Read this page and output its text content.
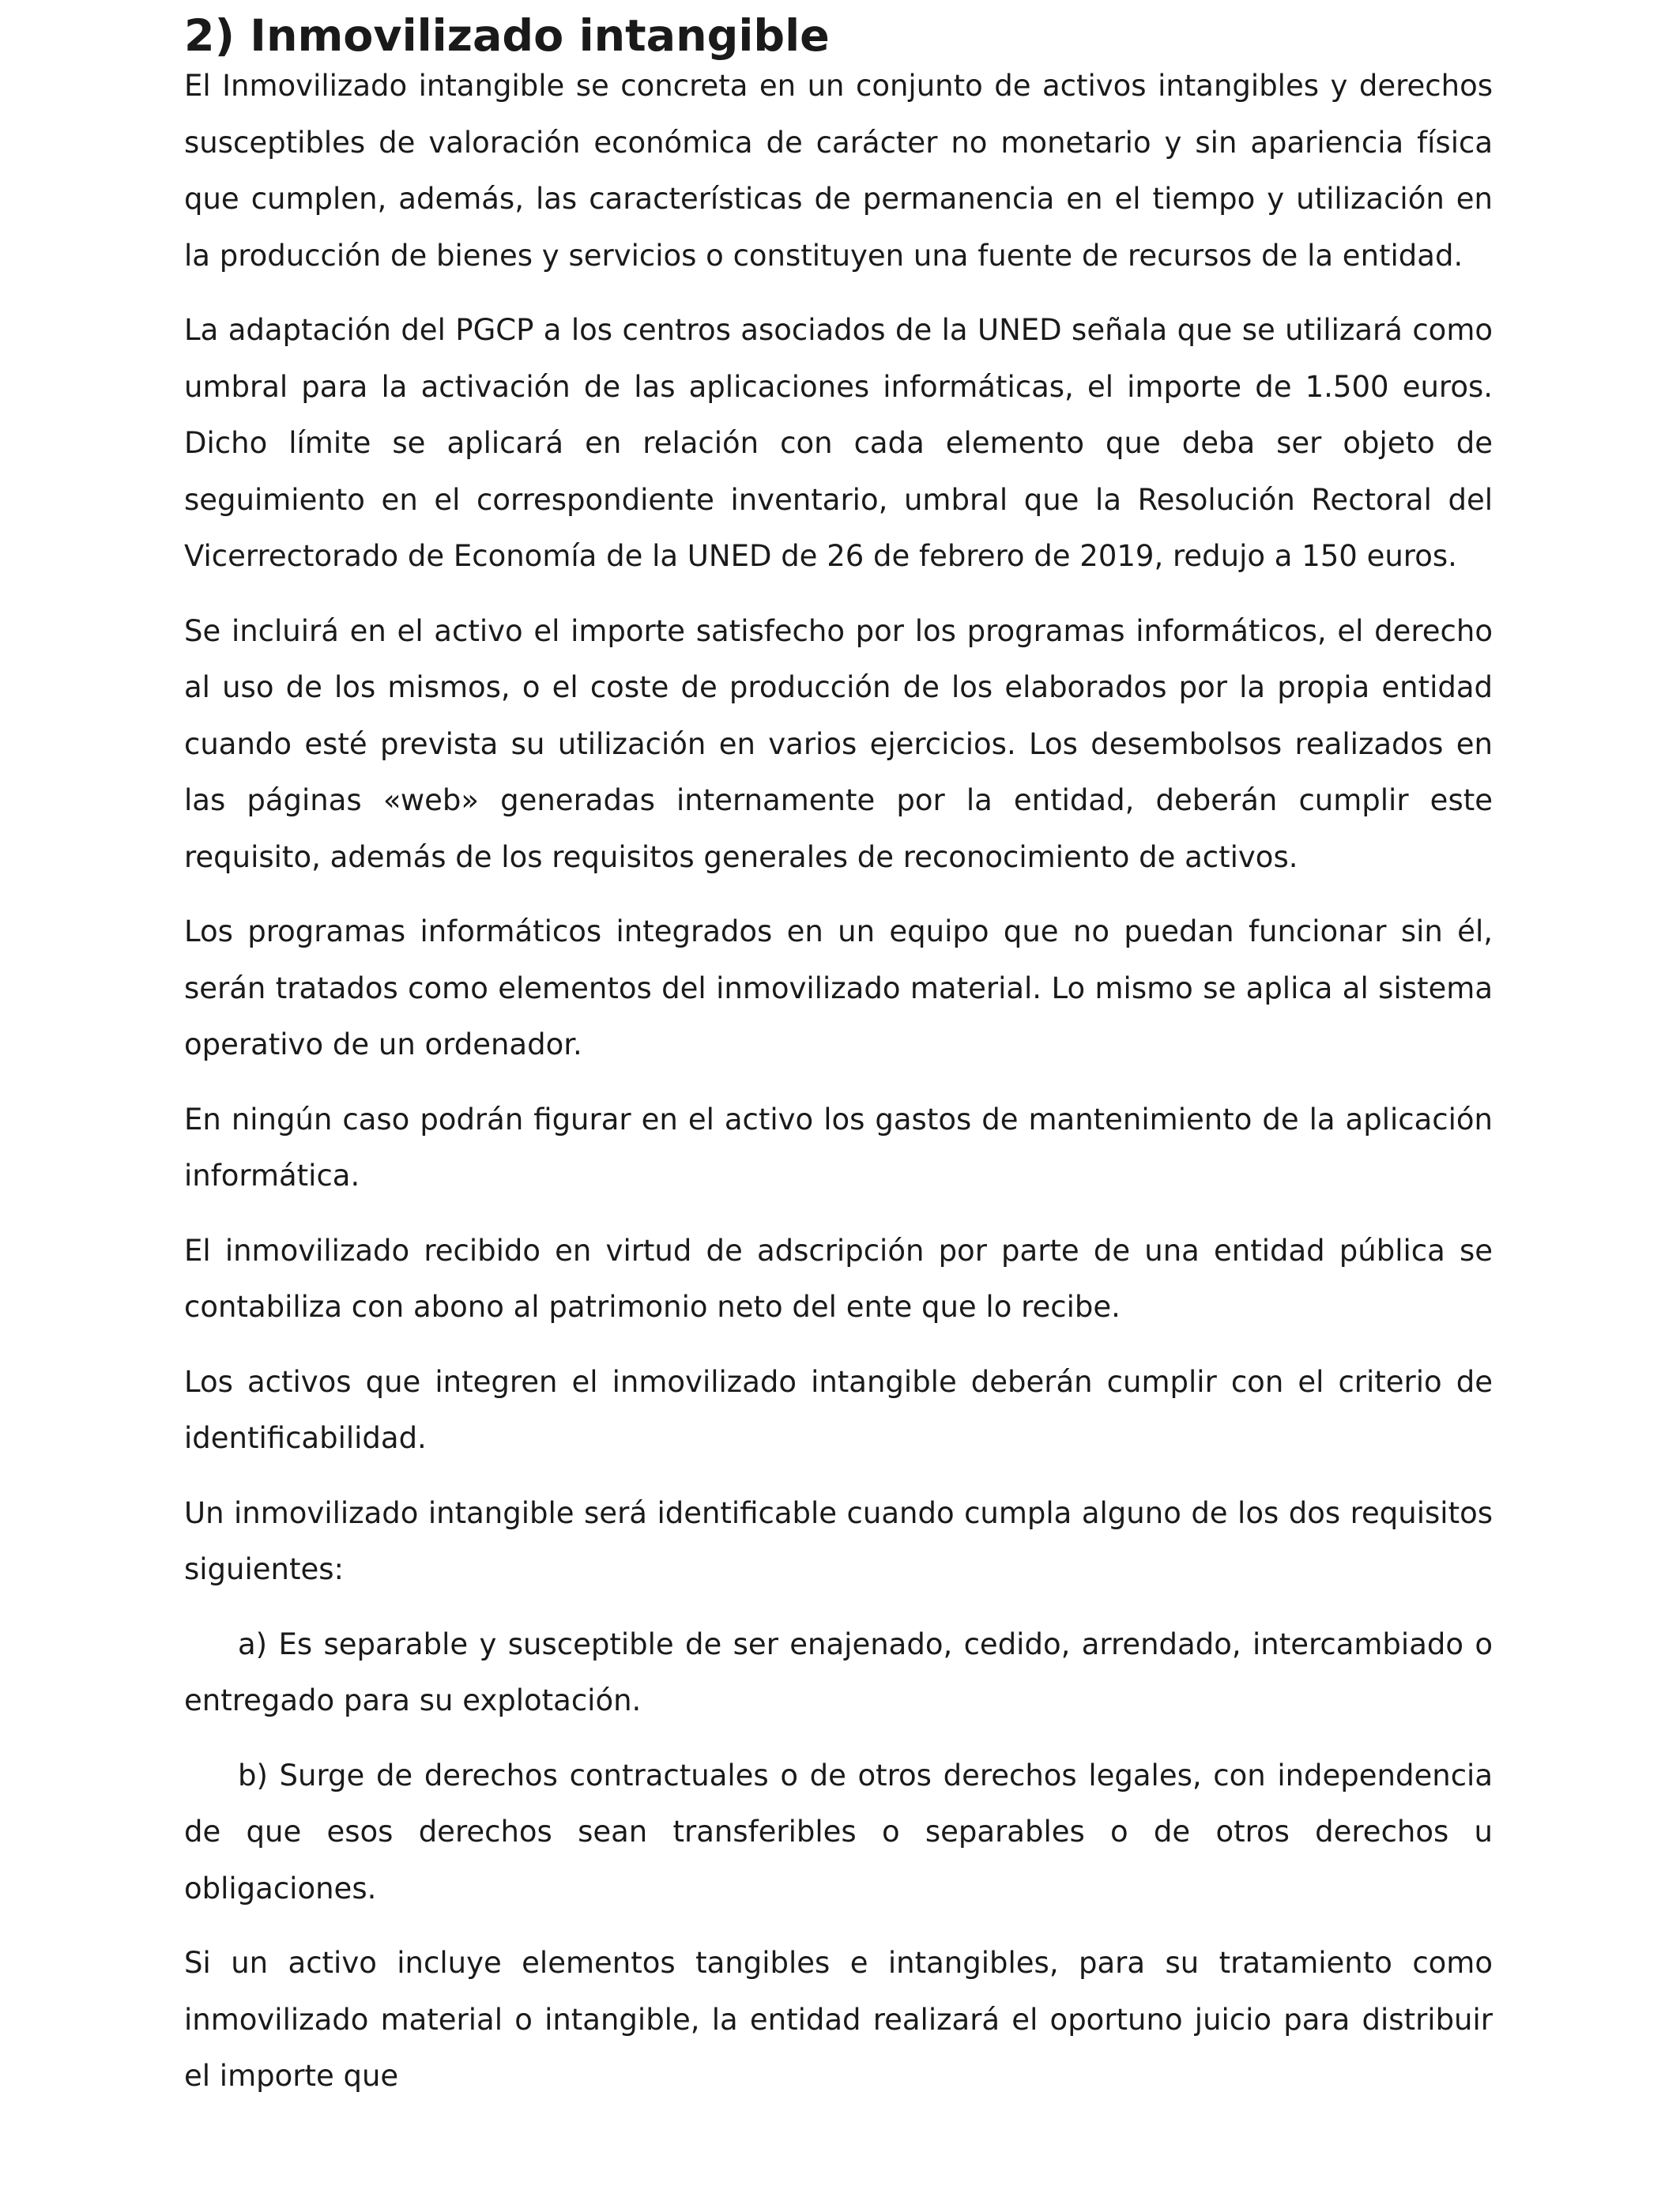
2) Inmovilizado intangible

El Inmovilizado intangible se concreta en un conjunto de activos intangibles y derechos susceptibles de valoración económica de carácter no monetario y sin apariencia física que cumplen, además, las características de permanencia en el tiempo y utilización en la producción de bienes y servicios o constituyen una fuente de recursos de la entidad.

La adaptación del PGCP a los centros asociados de la UNED señala que se utilizará como umbral para la activación de las aplicaciones informáticas, el importe de 1.500 euros. Dicho límite se aplicará en relación con cada elemento que deba ser objeto de seguimiento en el correspondiente inventario, umbral que la Resolución Rectoral del Vicerrectorado de Economía de la UNED de 26 de febrero de 2019, redujo a 150 euros.

Se incluirá en el activo el importe satisfecho por los programas informáticos, el derecho al uso de los mismos, o el coste de producción de los elaborados por la propia entidad cuando esté prevista su utilización en varios ejercicios. Los desembolsos realizados en las páginas «web» generadas internamente por la entidad, deberán cumplir este requisito, además de los requisitos generales de reconocimiento de activos.

Los programas informáticos integrados en un equipo que no puedan funcionar sin él, serán tratados como elementos del inmovilizado material. Lo mismo se aplica al sistema operativo de un ordenador.

En ningún caso podrán figurar en el activo los gastos de mantenimiento de la aplicación informática.

El inmovilizado recibido en virtud de adscripción por parte de una entidad pública se contabiliza con abono al patrimonio neto del ente que lo recibe.

Los activos que integren el inmovilizado intangible deberán cumplir con el criterio de identificabilidad.

Un inmovilizado intangible será identificable cuando cumpla alguno de los dos requisitos siguientes:

a) Es separable y susceptible de ser enajenado, cedido, arrendado, intercambiado o entregado para su explotación.

b) Surge de derechos contractuales o de otros derechos legales, con independencia de que esos derechos sean transferibles o separables o de otros derechos u obligaciones.

Si un activo incluye elementos tangibles e intangibles, para su tratamiento como inmovilizado material o intangible, la entidad realizará el oportuno juicio para distribuir el importe que
